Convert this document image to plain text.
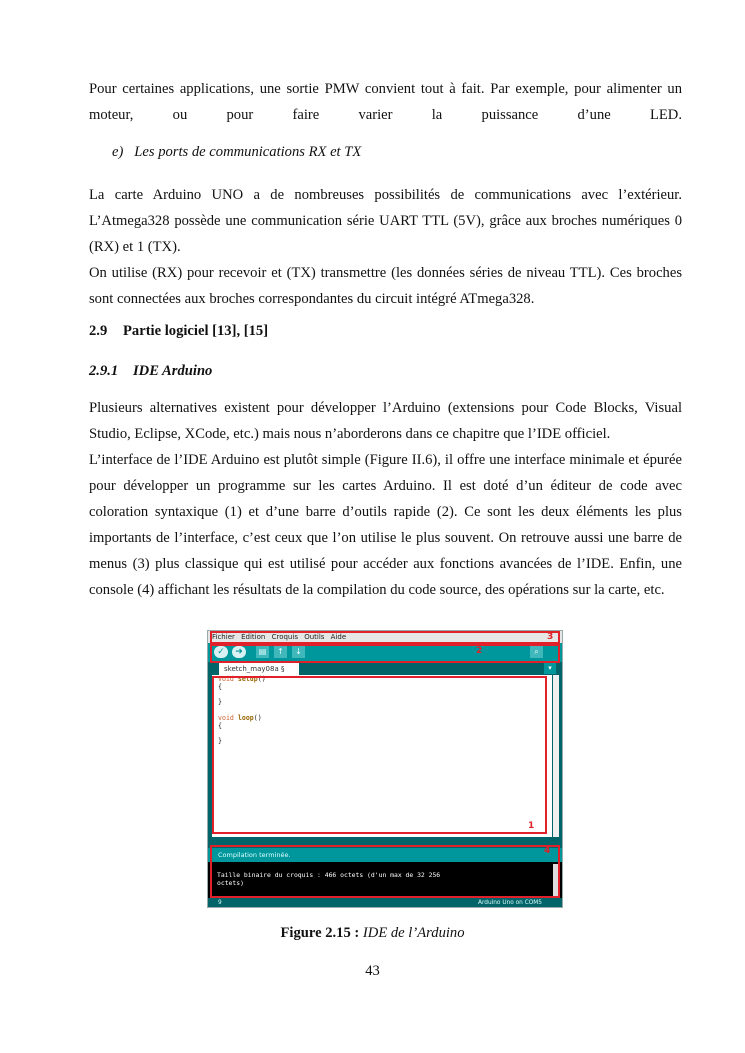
Pour certaines applications, une sortie PMW convient tout à fait. Par exemple, pour alimenter un moteur, ou pour faire varier la puissance d’une LED.

e) Les ports de communications RX et TX

La carte Arduino UNO a de nombreuses possibilités de communications avec l’extérieur. L’Atmega328 possède une communication série UART TTL (5V), grâce aux broches numériques 0 (RX) et 1 (TX).

On utilise (RX) pour recevoir et (TX) transmettre (les données séries de niveau TTL). Ces broches sont connectées aux broches correspondantes du circuit intégré ATmega328.

2.9 Partie logiciel [13], [15]
2.9.1 IDE Arduino

Plusieurs alternatives existent pour développer l’Arduino (extensions pour Code Blocks, Visual Studio, Eclipse, XCode, etc.) mais nous n’aborderons dans ce chapitre que l’IDE officiel.

L’interface de l’IDE Arduino est plutôt simple (Figure II.6), il offre une interface minimale et épurée pour développer un programme sur les cartes Arduino. Il est doté d’un éditeur de code avec coloration syntaxique (1) et d’une barre d’outils rapide (2). Ce sont les deux éléments les plus importants de l’interface, c’est ceux que l’on utilise le plus souvent. On retrouve aussi une barre de menus (3) plus classique qui est utilisé pour accéder aux fonctions avancées de l’IDE. Enfin, une console (4) affichant les résultats de la compilation du code source, des opérations sur la carte, etc.

Fichier Édition Croquis Outils Aide
✓	➜	▤	↑	↓	⌕
sketch_may08a §	▾
void setup()
{

}

void loop()
{

}
Compilation terminée.
Taille binaire du croquis : 466 octets (d'un max de 32 256
octets)
9	Arduino Uno on COM5
3
2
1
4
Figure 2.15 : IDE de l’Arduino
43
